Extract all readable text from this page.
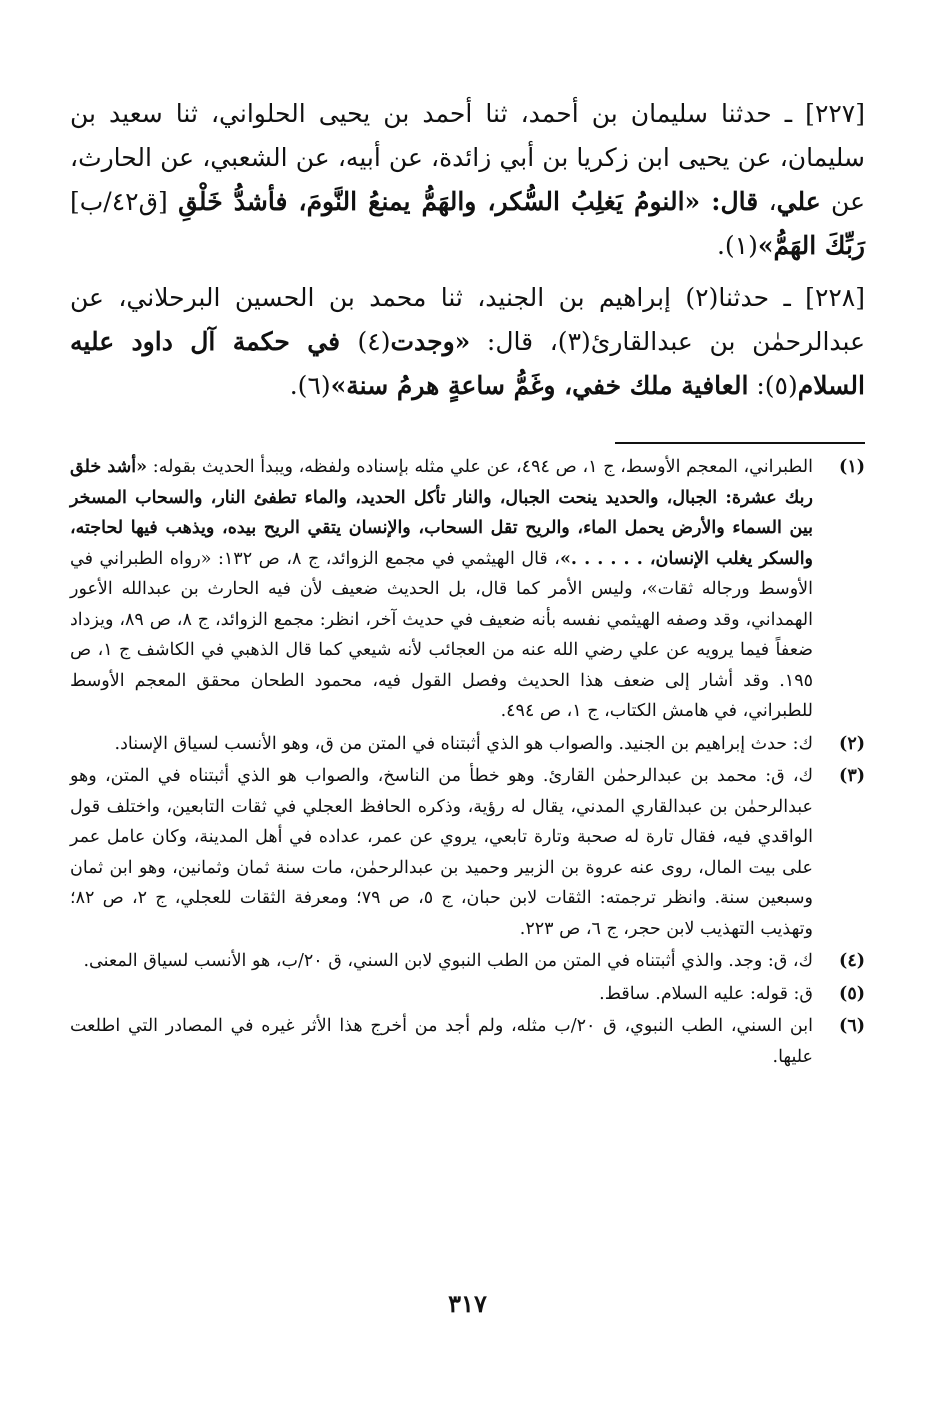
[٢٢٧] ـ حدثنا سليمان بن أحمد، ثنا أحمد بن يحيى الحلواني، ثنا سعيد بن سليمان، عن يحيى ابن زكريا بن أبي زائدة، عن أبيه، عن الشعبي، عن الحارث، عن علي، قال: «النومُ يَغلِبُ السُّكر، والهَمُّ يمنعُ النَّومَ، فأشدُّ خَلْقِ [ق٤٢/ب] رَبِّكَ الهَمُّ»(١).

[٢٢٨] ـ حدثنا(٢) إبراهيم بن الجنيد، ثنا محمد بن الحسين البرحلاني، عن عبدالرحمٰن بن عبدالقارئ(٣)، قال: «وجدت(٤) في حكمة آل داود عليه السلام(٥): العافية ملك خفي، وغَمُّ ساعةٍ هرمُ سنة»(٦).

(١)
الطبراني، المعجم الأوسط، ج ١، ص ٤٩٤، عن علي مثله بإسناده ولفظه، ويبدأ الحديث بقوله: «أشد خلق ربك عشرة: الجبال، والحديد ينحت الجبال، والنار تأكل الحديد، والماء تطفئ النار، والسحاب المسخر بين السماء والأرض يحمل الماء، والريح تقل السحاب، والإنسان يتقي الريح بيده، ويذهب فيها لحاجته، والسكر يغلب الإنسان، . . . . . .»، قال الهيثمي في مجمع الزوائد، ج ٨، ص ١٣٢: «رواه الطبراني في الأوسط ورجاله ثقات»، وليس الأمر كما قال، بل الحديث ضعيف لأن فيه الحارث بن عبدالله الأعور الهمداني، وقد وصفه الهيثمي نفسه بأنه ضعيف في حديث آخر، انظر: مجمع الزوائد، ج ٨، ص ٨٩، ويزداد ضعفاً فيما يرويه عن علي رضي الله عنه من العجائب لأنه شيعي كما قال الذهبي في الكاشف ج ١، ص ١٩٥. وقد أشار إلى ضعف هذا الحديث وفصل القول فيه، محمود الطحان محقق المعجم الأوسط للطبراني، في هامش الكتاب، ج ١، ص ٤٩٤.
(٢)
ك: حدث إبراهيم بن الجنيد. والصواب هو الذي أثبتناه في المتن من ق، وهو الأنسب لسياق الإسناد.
(٣)
ك، ق: محمد بن عبدالرحمٰن القارئ. وهو خطأ من الناسخ، والصواب هو الذي أثبتناه في المتن، وهو عبدالرحمٰن بن عبدالقاري المدني، يقال له رؤية، وذكره الحافظ العجلي في ثقات التابعين، واختلف قول الواقدي فيه، فقال تارة له صحبة وتارة تابعي، يروي عن عمر، عداده في أهل المدينة، وكان عامل عمر على بيت المال، روى عنه عروة بن الزبير وحميد بن عبدالرحمٰن، مات سنة ثمان وثمانين، وهو ابن ثمان وسبعين سنة. وانظر ترجمته: الثقات لابن حبان، ج ٥، ص ٧٩؛ ومعرفة الثقات للعجلي، ج ٢، ص ٨٢؛ وتهذيب التهذيب لابن حجر، ج ٦، ص ٢٢٣.
(٤)
ك، ق: وجد. والذي أثبتناه في المتن من الطب النبوي لابن السني، ق ٢٠/ب، هو الأنسب لسياق المعنى.
(٥)
ق: قوله: عليه السلام. ساقط.
(٦)
ابن السني، الطب النبوي، ق ٢٠/ب مثله، ولم أجد من أخرج هذا الأثر غيره في المصادر التي اطلعت عليها.
٣١٧
